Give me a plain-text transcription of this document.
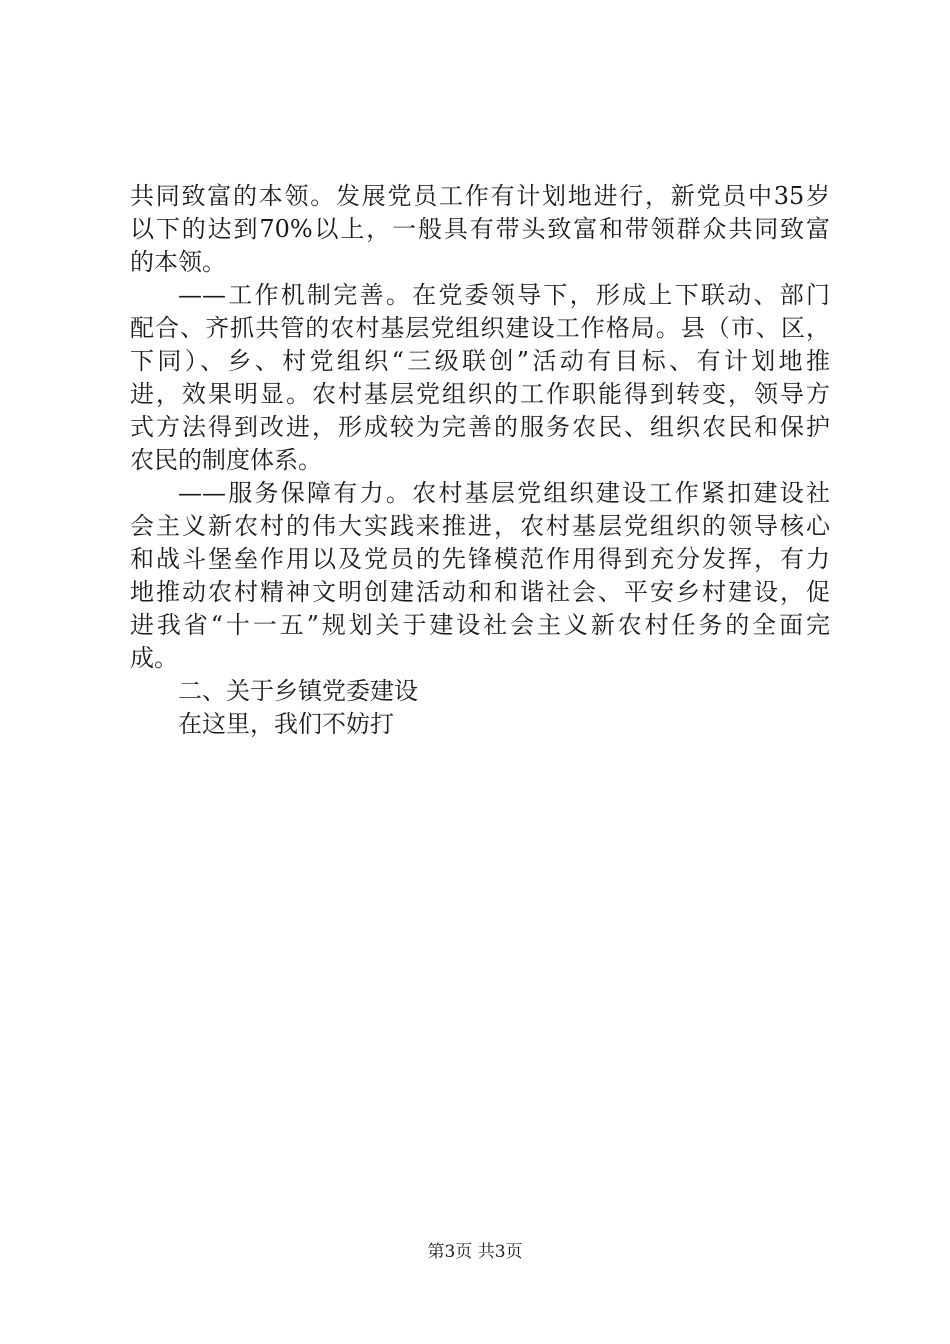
共同致富的本领。发展党员工作有计划地进行，新党员中35岁
以下的达到70%以上，一般具有带头致富和带领群众共同致富
的本领。
——工作机制完善。在党委领导下，形成上下联动、部门
配合、齐抓共管的农村基层党组织建设工作格局。县（市、区，
下同）、乡、村党组织“三级联创”活动有目标、有计划地推
进，效果明显。农村基层党组织的工作职能得到转变，领导方
式方法得到改进，形成较为完善的服务农民、组织农民和保护
农民的制度体系。
——服务保障有力。农村基层党组织建设工作紧扣建设社
会主义新农村的伟大实践来推进，农村基层党组织的领导核心
和战斗堡垒作用以及党员的先锋模范作用得到充分发挥，有力
地推动农村精神文明创建活动和和谐社会、平安乡村建设，促
进我省“十一五”规划关于建设社会主义新农村任务的全面完
成。
二、关于乡镇党委建设
在这里，我们不妨打
第3页 共3页
